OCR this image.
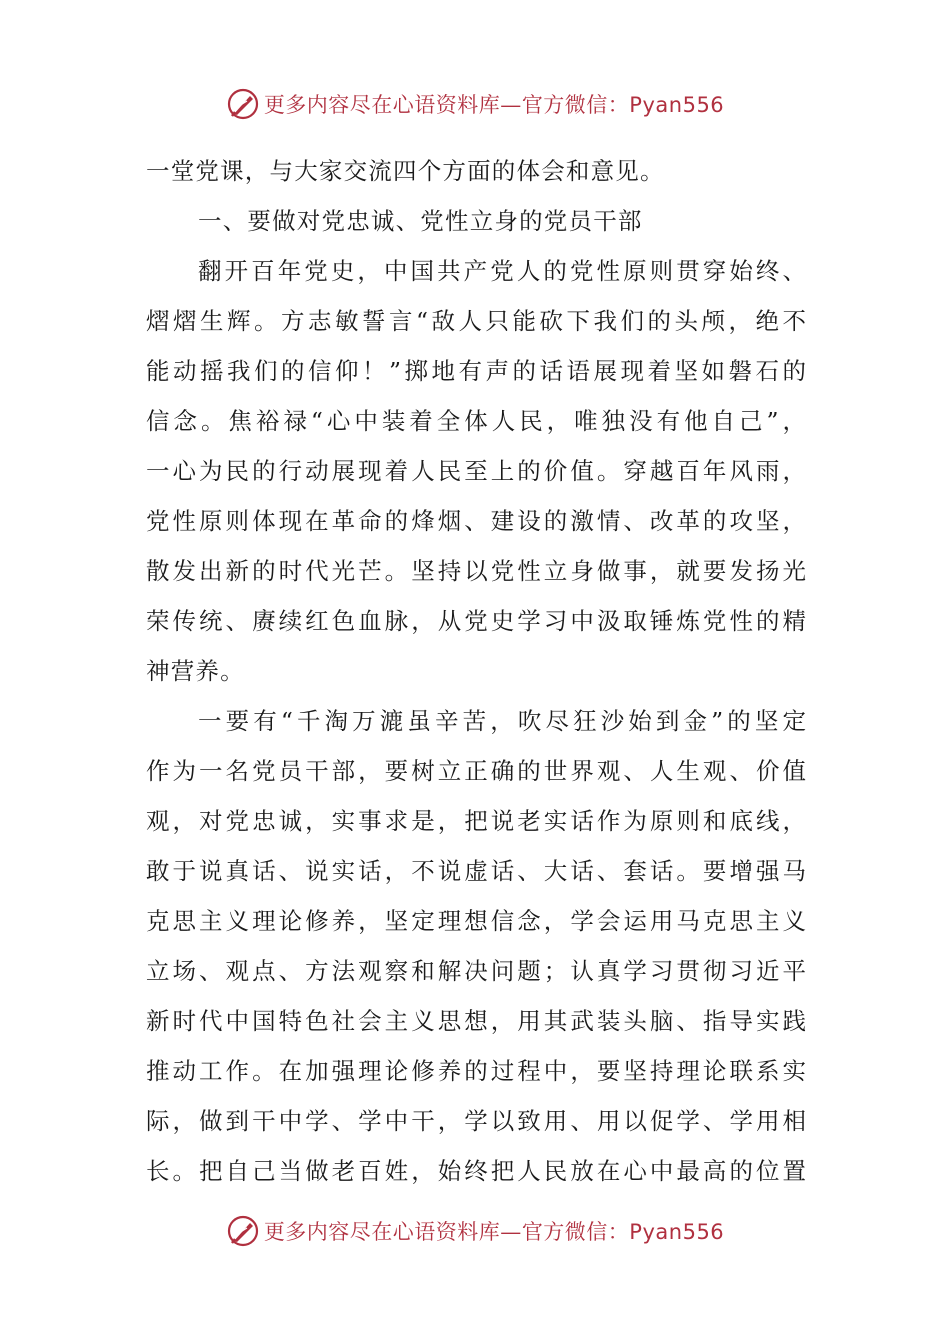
更多内容尽在心语资料库—官方微信：Pyan556
一堂党课，与大家交流四个方面的体会和意见。
一、要做对党忠诚、党性立身的党员干部
翻开百年党史，中国共产党人的党性原则贯穿始终、
熠熠生辉。方志敏誓言“敌人只能砍下我们的头颅，绝不
能动摇我们的信仰！”掷地有声的话语展现着坚如磐石的
信念。焦裕禄“心中装着全体人民，唯独没有他自己”，
一心为民的行动展现着人民至上的价值。穿越百年风雨，
党性原则体现在革命的烽烟、建设的激情、改革的攻坚，
散发出新的时代光芒。坚持以党性立身做事，就要发扬光
荣传统、赓续红色血脉，从党史学习中汲取锤炼党性的精
神营养。
一要有“千淘万漉虽辛苦，吹尽狂沙始到金”的坚定
作为一名党员干部，要树立正确的世界观、人生观、价值
观，对党忠诚，实事求是，把说老实话作为原则和底线，
敢于说真话、说实话，不说虚话、大话、套话。要增强马
克思主义理论修养，坚定理想信念，学会运用马克思主义
立场、观点、方法观察和解决问题；认真学习贯彻习近平
新时代中国特色社会主义思想，用其武装头脑、指导实践
推动工作。在加强理论修养的过程中，要坚持理论联系实
际，做到干中学、学中干，学以致用、用以促学、学用相
长。把自己当做老百姓，始终把人民放在心中最高的位置
更多内容尽在心语资料库—官方微信：Pyan556
